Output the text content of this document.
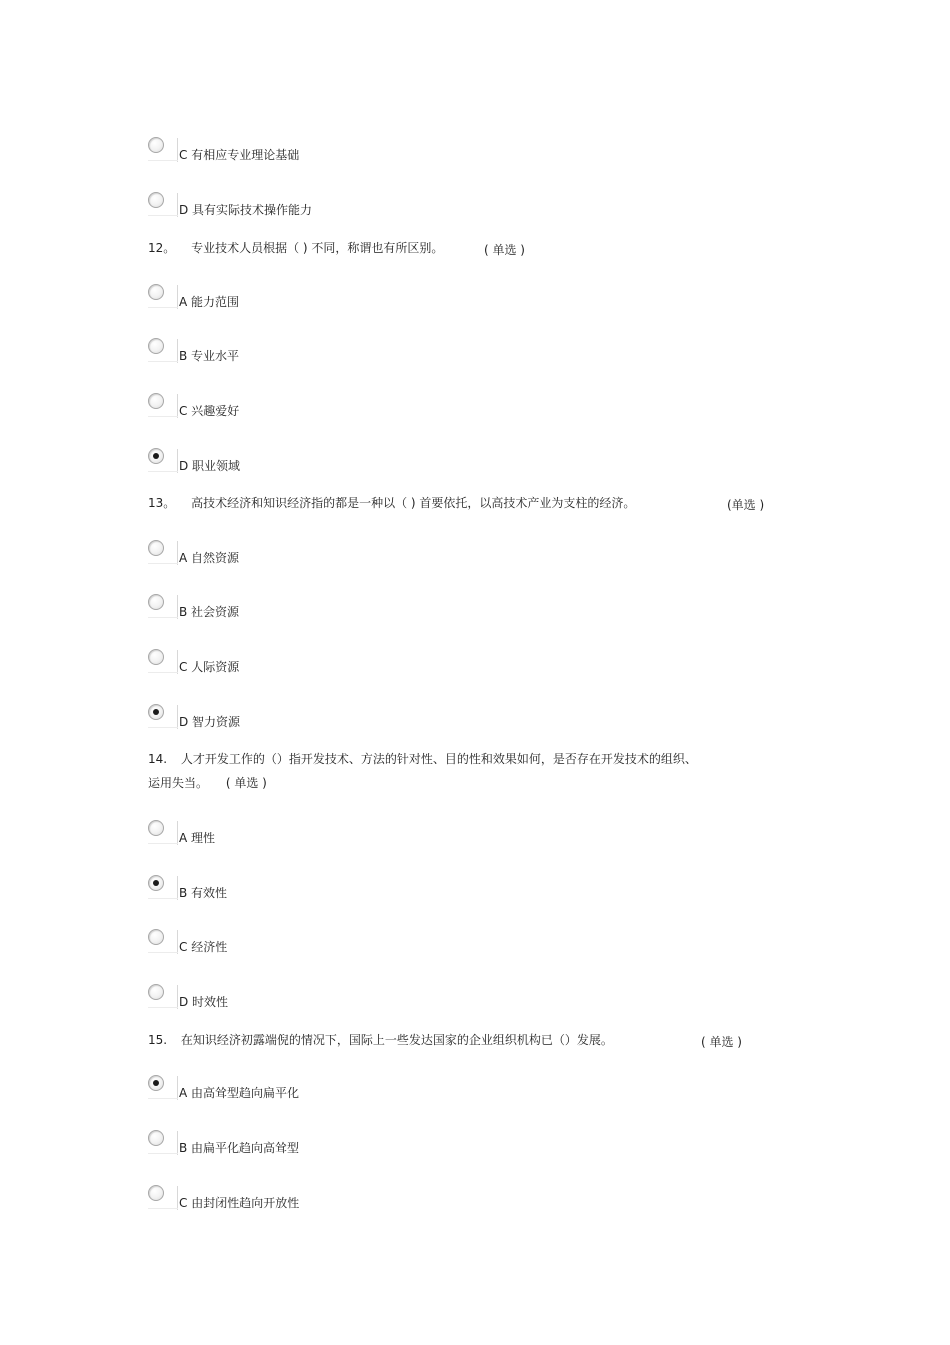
C 有相应专业理论基础
D 具有实际技术操作能力
12。 专业技术人员根据（ ) 不同，称谓也有所区别。	( 单选 )
A 能力范围
B 专业水平
C 兴趣爱好
D 职业领域
13。 高技术经济和知识经济指的都是一种以（ ) 首要依托，以高技术产业为支柱的经济。	(单选 )
A 自然资源
B 社会资源
C 人际资源
D 智力资源
14. 人才开发工作的（）指开发技术、方法的针对性、目的性和效果如何，是否存在开发技术的组织、
运用失当。 ( 单选 )
A 理性
B 有效性
C 经济性
D 时效性
15. 在知识经济初露端倪的情况下，国际上一些发达国家的企业组织机构已（）发展。	( 单选 )
A 由高耸型趋向扁平化
B 由扁平化趋向高耸型
C 由封闭性趋向开放性
